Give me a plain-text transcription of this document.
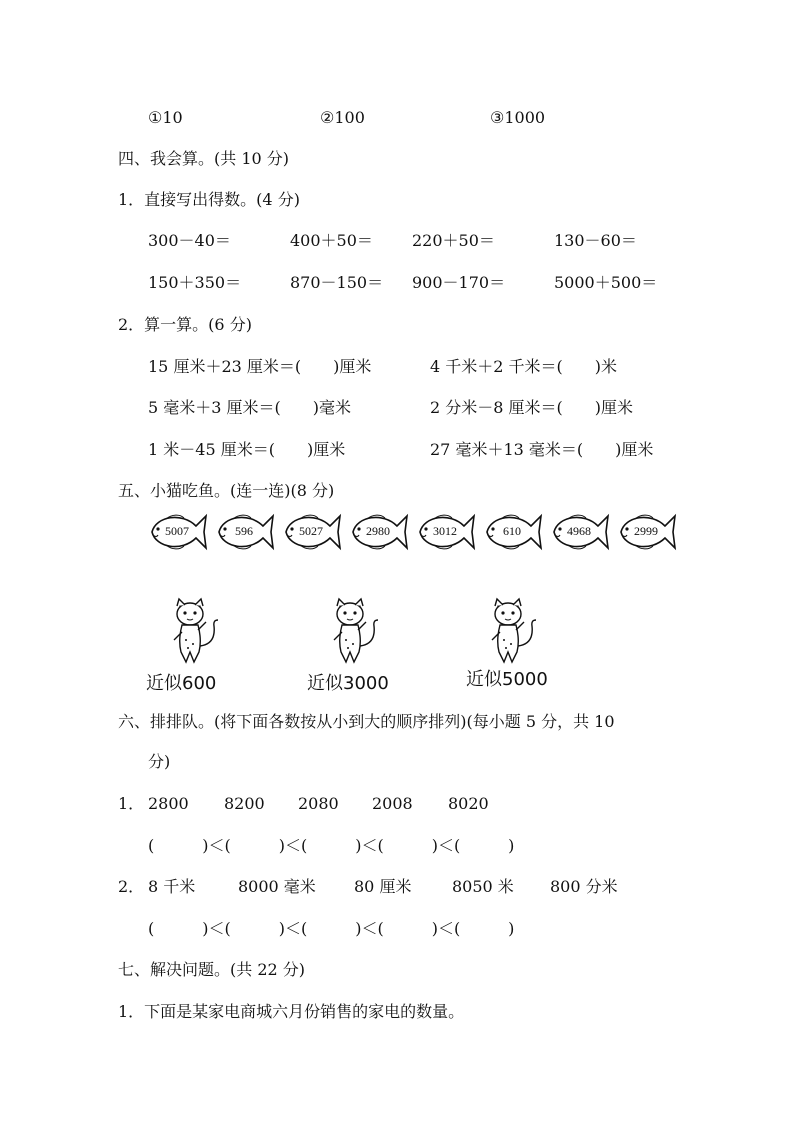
①10	②100	③1000
四、我会算。(共 10 分)
1．直接写出得数。(4 分)
300－40＝	400＋50＝ 220＋50＝	130－60＝
150＋350＝	870－150＝ 900－170＝	5000＋500＝
2．算一算。(6 分)
15 厘米＋23 厘米＝(　　)厘米	4 千米＋2 千米＝(　　)米
5 毫米＋3 厘米＝(　　)毫米	2 分米－8 厘米＝(　　)厘米
1 米－45 厘米＝(　　)厘米	27 毫米＋13 毫米＝(　　)厘米
五、小猫吃鱼。(连一连)(8 分)
5007	596	5027	2980	3012	610	4968	2999
近似600	近似3000	近似5000
六、排排队。(将下面各数按从小到大的顺序排列)(每小题 5 分，共 10
分)
1． 2800 8200 2080 2008 8020
(　　　)＜(　　　)＜(　　　)＜(　　　)＜(　　　)
2． 8 千米	8000 毫米 80 厘米	8050 米 800 分米
(　　　)＜(　　　)＜(　　　)＜(　　　)＜(　　　)
七、解决问题。(共 22 分)
1．下面是某家电商城六月份销售的家电的数量。
